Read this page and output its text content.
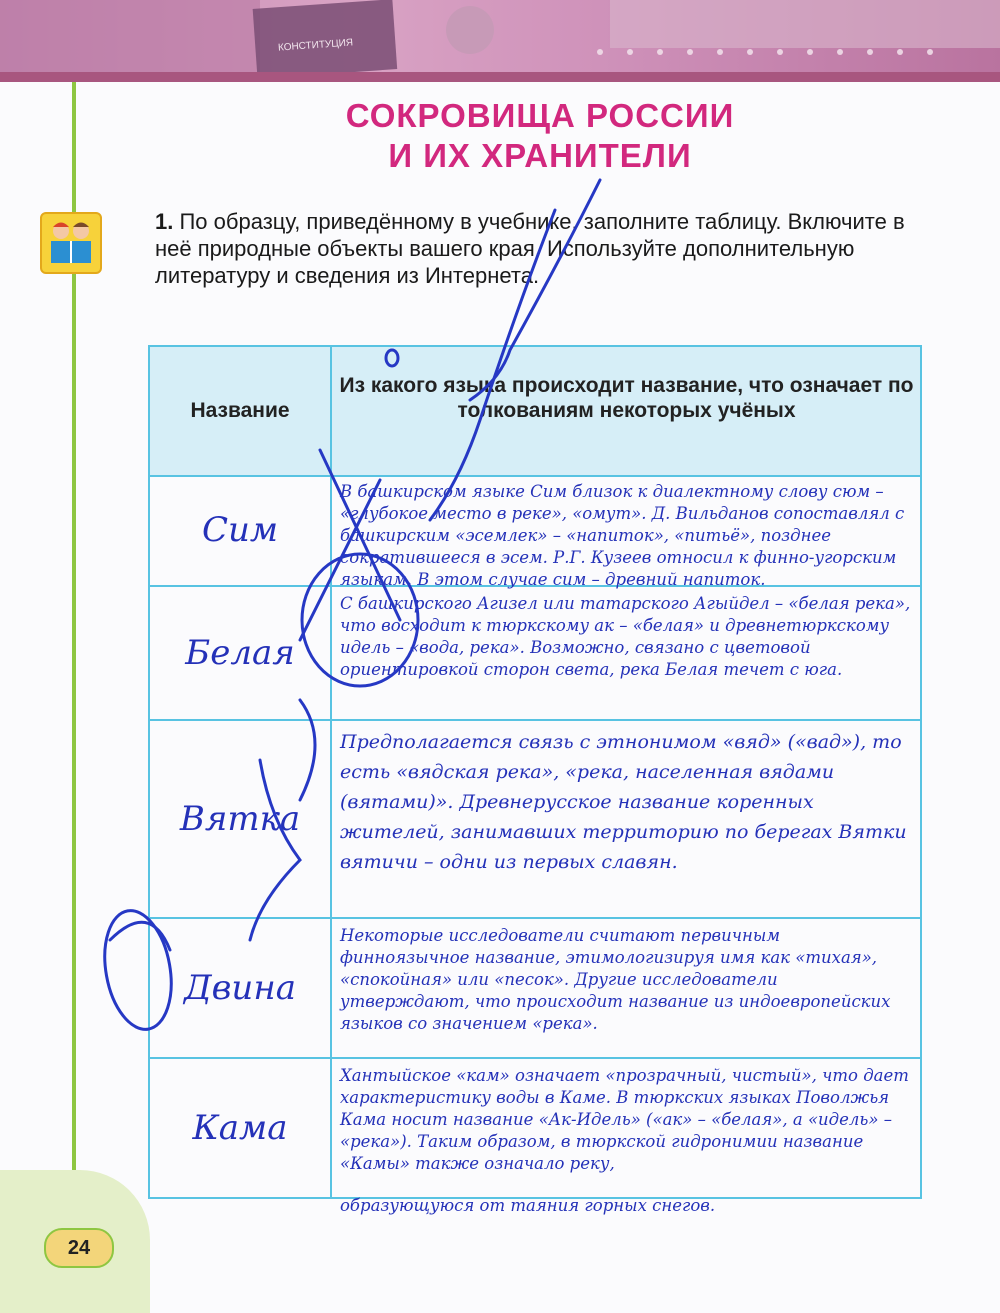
КОНСТИТУЦИЯ
СОКРОВИЩА РОССИИ
И ИХ ХРАНИТЕЛИ
1. По образцу, приведённому в учебнике, заполните таблицу. Включите в неё природные объекты вашего края. Используйте дополнительную литературу и сведения из Интернета.
Название
Из какого языка происходит название, что означает по толкованиям некоторых учёных
Сим
В башкирском языке Сим близок к диалектному слову сюм – «глубокое место в реке», «омут». Д. Вильданов сопоставлял с башкирским «эсемлек» – «напиток», «питьё», позднее сократившееся в эсем. Р.Г. Кузеев относил к финно-угорским языкам. В этом случае сим – древний напиток.
Белая
С башкирского Агизел или татарского Агыйдел – «белая река», что восходит к тюркскому ак – «белая» и древнетюркскому идель – «вода, река». Возможно, связано с цветовой ориентировкой сторон света, река Белая течет с юга.
Вятка
Предполагается связь с этнонимом «вяд» («вад»), то есть «вядская река», «река, населенная вядами (вятами)». Древнерусское название коренных жителей, занимавших территорию по берегах Вятки вятичи – одни из первых славян.
Двина
Некоторые исследователи считают первичным финноязычное название, этимологизируя имя как «тихая», «спокойная» или «песок». Другие исследователи утверждают, что происходит название из индоевропейских языков со значением «река».
Кама
Хантыйское «кам» означает «прозрачный, чистый», что дает характеристику воды в Каме. В тюркских языках Поволжья Кама носит название «Ак-Идель» («ак» – «белая», а «идель» – «река»). Таким образом, в тюркской гидронимии название «Камы» также означало реку,
образующуюся от таяния горных снегов.
24
